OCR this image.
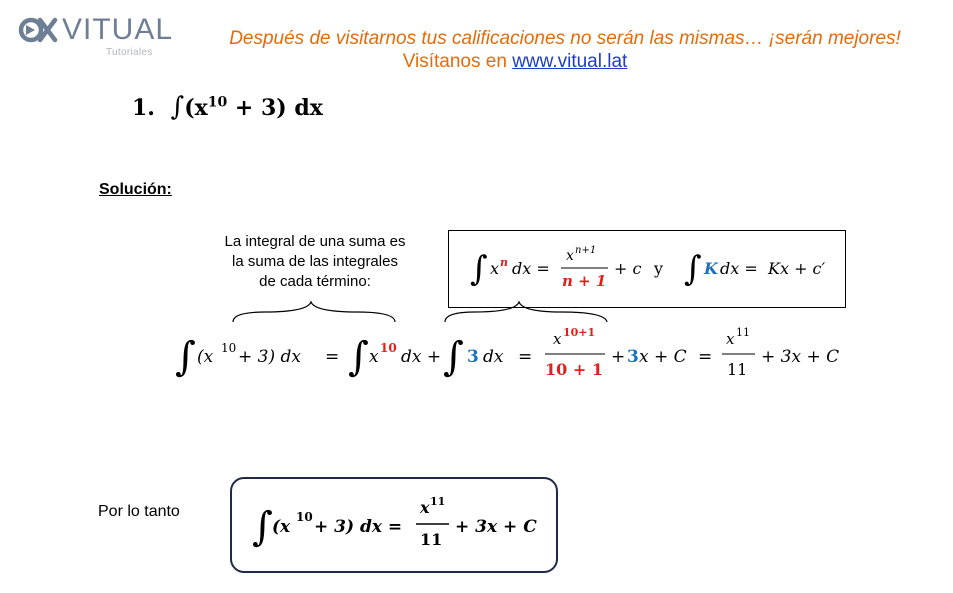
VITUAL
Tutoriales
Después de visitarnos tus calificaciones no serán las mismas… ¡serán mejores!
Visítanos en www.vitual.lat
1. $\int(x^{10} + 3)$ dx
Solución:
La integral de una suma es
la suma de las integrales
de cada término:	∫ x n dx =
x n+1
n + 1
+ c y ∫ K dx = Kx + c′
∫ (x 10 + 3) dx = ∫ x 10 dx + ∫ 3 dx =
x 10+1
10 + 1
+ 3 x + C =
x 11
11
+ 3x + C
Por lo tanto ∫ (x 10 + 3) dx =
x 11
11
+ 3x + C
